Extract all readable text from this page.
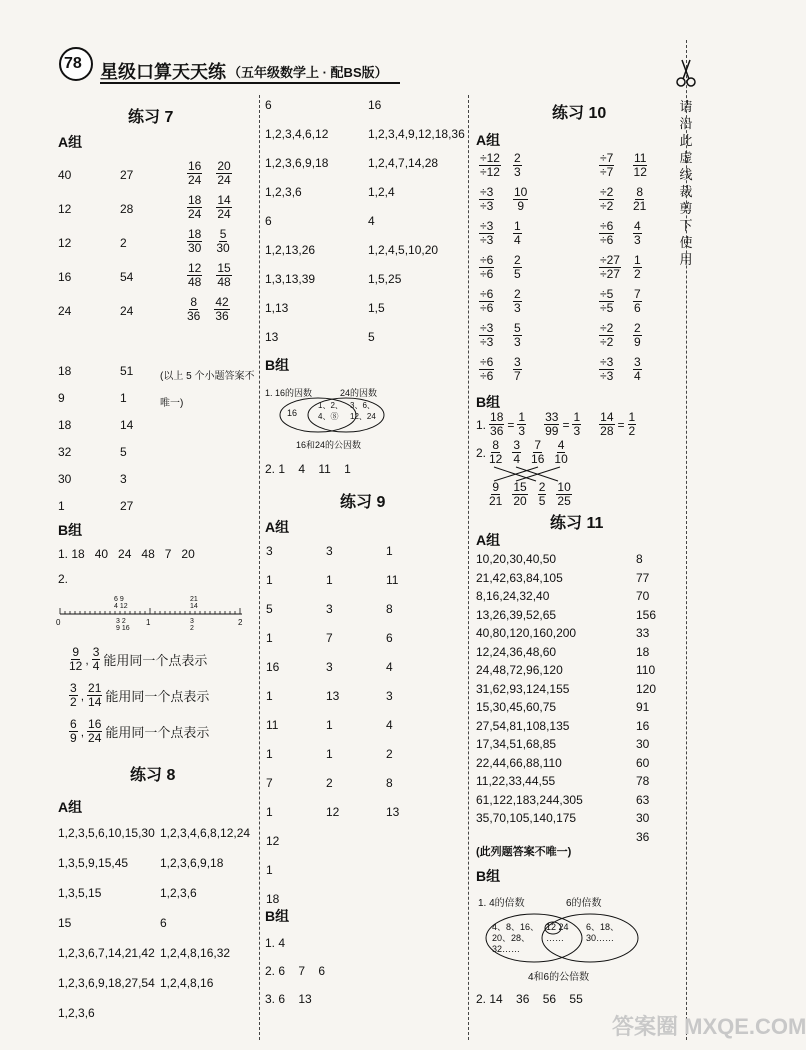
78 星级口算天天练 （五年级数学上 · 配BS版）
请
沿
此
虚
线
裁
剪
下
使
用
练习 7
A组
40	27	$\frac{16}{24} \frac{20}{24}$
12	28	$\frac{18}{24} \frac{14}{24}$
12	2	$\frac{18}{30} \frac{5}{30}$
16	54	$\frac{12}{48} \frac{15}{48}$
24	24	$\frac{8}{36} \frac{42}{36}$
18	51
9	1
18	14
32	5
30	3
1	27
(以上 5 个小题答案不
唯一)
B组
1. 18   40   24   48   7   20
2.
0	1	2
6 9
4 12
21
14
3 2
9 16
3
2
$\frac{9}{12}$ , $\frac{3}{4}$ 能用同一个点表示
$\frac{3}{2}$ , $\frac{21}{14}$ 能用同一个点表示
$\frac{6}{9}$ , $\frac{16}{24}$ 能用同一个点表示
练习 8
A组
1,2,3,5,6,10,15,30 1,2,3,4,6,8,12,24
1,3,5,9,15,45	1,2,3,6,9,18
1,3,5,15	1,2,3,6
15	6
1,2,3,6,7,14,21,42 1,2,4,8,16,32
1,2,3,6,9,18,27,54 1,2,4,8,16
1,2,3,6
6	16
1,2,3,4,6,12	1,2,3,4,9,12,18,36
1,2,3,6,9,18	1,2,4,7,14,28
1,2,3,6	1,2,4
6	4
1,2,13,26	1,2,4,5,10,20
1,3,13,39	1,5,25
1,13	1,5
13	5
B组
1. 16的因数	24的因数
16
1、2、
4、⑧
3、6、
12、24
16和24的公因数
2. 1    4    11    1
练习 9
A组
3	3	1
1	1	11
5	3	8
1	7	6
16	3	4
1	13	3
11	1	4
1	1	2
7	2	8
1	12	13
12
1
18
B组
1. 4
2. 6    7    6
3. 6    13
练习 10
A组
$\frac{\div 12}{\div 12} \frac{2}{3}$	$\frac{\div 7}{\div 7} \frac{11}{12}$
$\frac{\div 3}{\div 3} \frac{10}{9}$	$\frac{\div 2}{\div 2} \frac{8}{21}$
$\frac{\div 3}{\div 3} \frac{1}{4}$	$\frac{\div 6}{\div 6} \frac{4}{3}$
$\frac{\div 6}{\div 6} \frac{2}{5}$	$\frac{\div 27}{\div 27} \frac{1}{2}$
$\frac{\div 6}{\div 6} \frac{2}{3}$	$\frac{\div 5}{\div 5} \frac{7}{6}$
$\frac{\div 3}{\div 3} \frac{5}{3}$	$\frac{\div 2}{\div 2} \frac{2}{9}$
$\frac{\div 6}{\div 6} \frac{3}{7}$	$\frac{\div 3}{\div 3} \frac{3}{4}$
B组
1. $\frac{18}{36} = \frac{1}{3} \frac{33}{99} = \frac{1}{3} \frac{14}{28} = \frac{1}{2}$
2. $\frac{8}{12} \frac{3}{4} \frac{7}{16} \frac{4}{10}$
$\frac{9}{21} \frac{15}{20} \frac{2}{5} \frac{10}{25}$
练习 11
A组
10,20,30,40,50	8
21,42,63,84,105	77
8,16,24,32,40	70
13,26,39,52,65	156
40,80,120,160,200	33
12,24,36,48,60	18
24,48,72,96,120	110
31,62,93,124,155	120
15,30,45,60,75	91
27,54,81,108,135	16
17,34,51,68,85	30
22,44,66,88,110	60
11,22,33,44,55	78
61,122,183,244,305	63
35,70,105,140,175	30
36
(此列题答案不唯一)
B组
1. 4的倍数	6的倍数
4、8、16、
20、28、
32……
12 24
……
6、18、
30……
4和6的公倍数
2. 14    36    56    55
答案圈 MXQE.COM
